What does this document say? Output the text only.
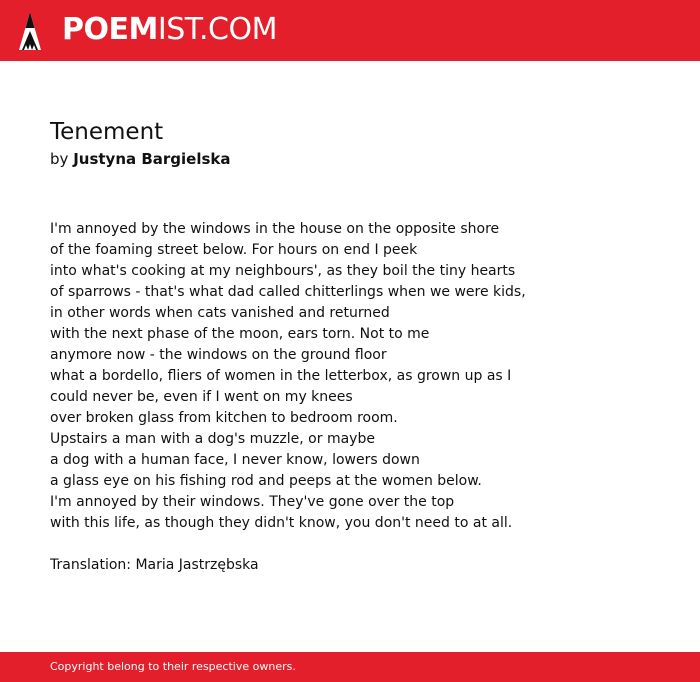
POEMIST.COM
Tenement
by Justyna Bargielska
I'm annoyed by the windows in the house on the opposite shore
of the foaming street below. For hours on end I peek
into what's cooking at my neighbours', as they boil the tiny hearts
of sparrows - that's what dad called chitterlings when we were kids,
in other words when cats vanished and returned
with the next phase of the moon, ears torn. Not to me
anymore now - the windows on the ground floor
what a bordello, fliers of women in the letterbox, as grown up as I
could never be, even if I went on my knees
over broken glass from kitchen to bedroom room.
Upstairs a man with a dog's muzzle, or maybe
a dog with a human face, I never know, lowers down
a glass eye on his fishing rod and peeps at the women below.
I'm annoyed by their windows. They've gone over the top
with this life, as though they didn't know, you don't need to at all.
Translation: Maria Jastrzębska
Copyright belong to their respective owners.
